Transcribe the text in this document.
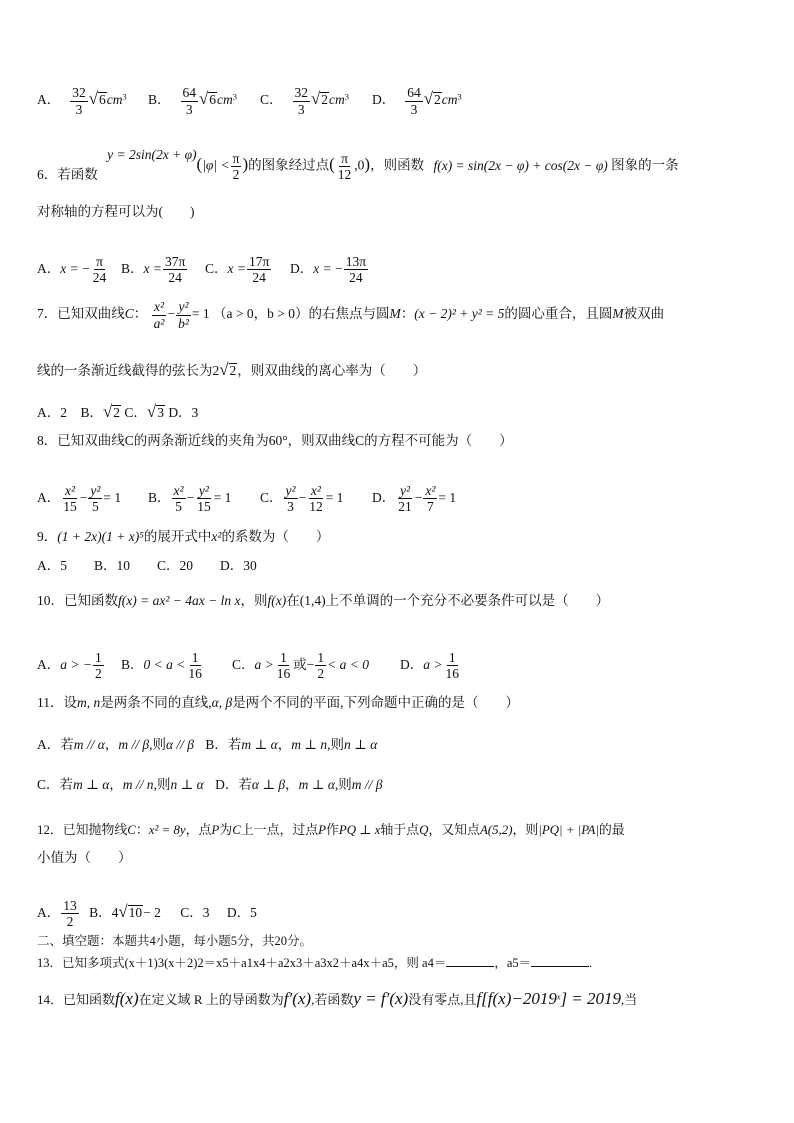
A． $\frac{32}{3}$ √ 6 $cm^3$ B． $\frac{64}{3}$ √ 6 $cm^3$ C． $\frac{32}{3}$ √ 2 $cm^3$ D． $\frac{64}{3}$ √ 2 $cm^3$
6．若函数 $y = 2\sin(2x + \varphi)(|\varphi| < \frac{\pi}{2}$ )的图象经过点( $\frac{\pi}{12} ,0$)，则函数 f(x) = sin(2x − φ) + cos(2x − φ) 图象的一条
对称轴的方程可以为(　　)
A．x = − $\frac{\pi}{24}$ B．$x = \frac{37\pi}{24}$ C．$x = \frac{17\pi}{24}$ D．x = − $\frac{13\pi}{24}$
7．已知双曲线C： $\frac{\text{x²}}{\text{a²}} - \frac{\text{y²}}{\text{b²}} = 1$ （a > 0，b > 0）的右焦点与圆M：(x − 2)² + y² = 5的圆心重合，且圆M被双曲
线的一条渐近线截得的弦长为2 √ 2 ，则双曲线的离心率为（　　）
A．2　 B． √ 2 C． √ 3 D．3
8．已知双曲线C的两条渐近线的夹角为60°，则双曲线C的方程不可能为（　　）
A． $\frac{\text{x²}}{15} - \frac{\text{y²}}{5} = 1$ B． $\frac{\text{x²}}{5} - \frac{\text{y²}}{15} = 1$ C． $\frac{\text{y²}}{3} - \frac{\text{x²}}{12} = 1$ D． $\frac{\text{y²}}{21} - \frac{\text{x²}}{7} = 1$
9．(1 + 2x)(1 + x)⁵的展开式中x²的系数为（　　）
A．5　　B．10　　C．20　　D．30
10．已知函数f(x) = ax² − 4ax − ln x，则f(x)在(1,4)上不单调的一个充分不必要条件可以是（　　）
A．a > − $\frac{1}{2}$ B．$0 < a < \frac{1}{16}$ C．$a > \frac{1}{16}$ 或− $\frac{1}{2} < a < 0$ D．$a > \frac{1}{16}$
11．设m, n是两条不同的直线,α, β是两个不同的平面,下列命题中正确的是（　　）
A．若m // α，m // β,则α // β B．若m ⊥ α，m ⊥ n,则n ⊥ α
C．若m ⊥ α，m // n,则n ⊥ α D．若α ⊥ β，m ⊥ α,则m // β
12．已知抛物线C：x² = 8y，点P为C上一点，过点P作PQ ⊥ x轴于点Q，又知点A(5,2)，则|PQ| + |PA|的最
小值为（　　）
A． $\frac{13}{2}$ B．4 √ 10 − 2 C．3 D．5
二、填空题：本题共4小题，每小题5分，共20分。
13．已知多项式(x＋1)3(x＋2)2＝x5＋a1x4＋a2x3＋a3x2＋a4x＋a5，则 a4＝	，a5＝	.
14．已知函数f(x)在定义域 R 上的导函数为f′(x),若函数y = f′(x)没有零点,且$f[f(x)-2019^x] = 2019$,当
